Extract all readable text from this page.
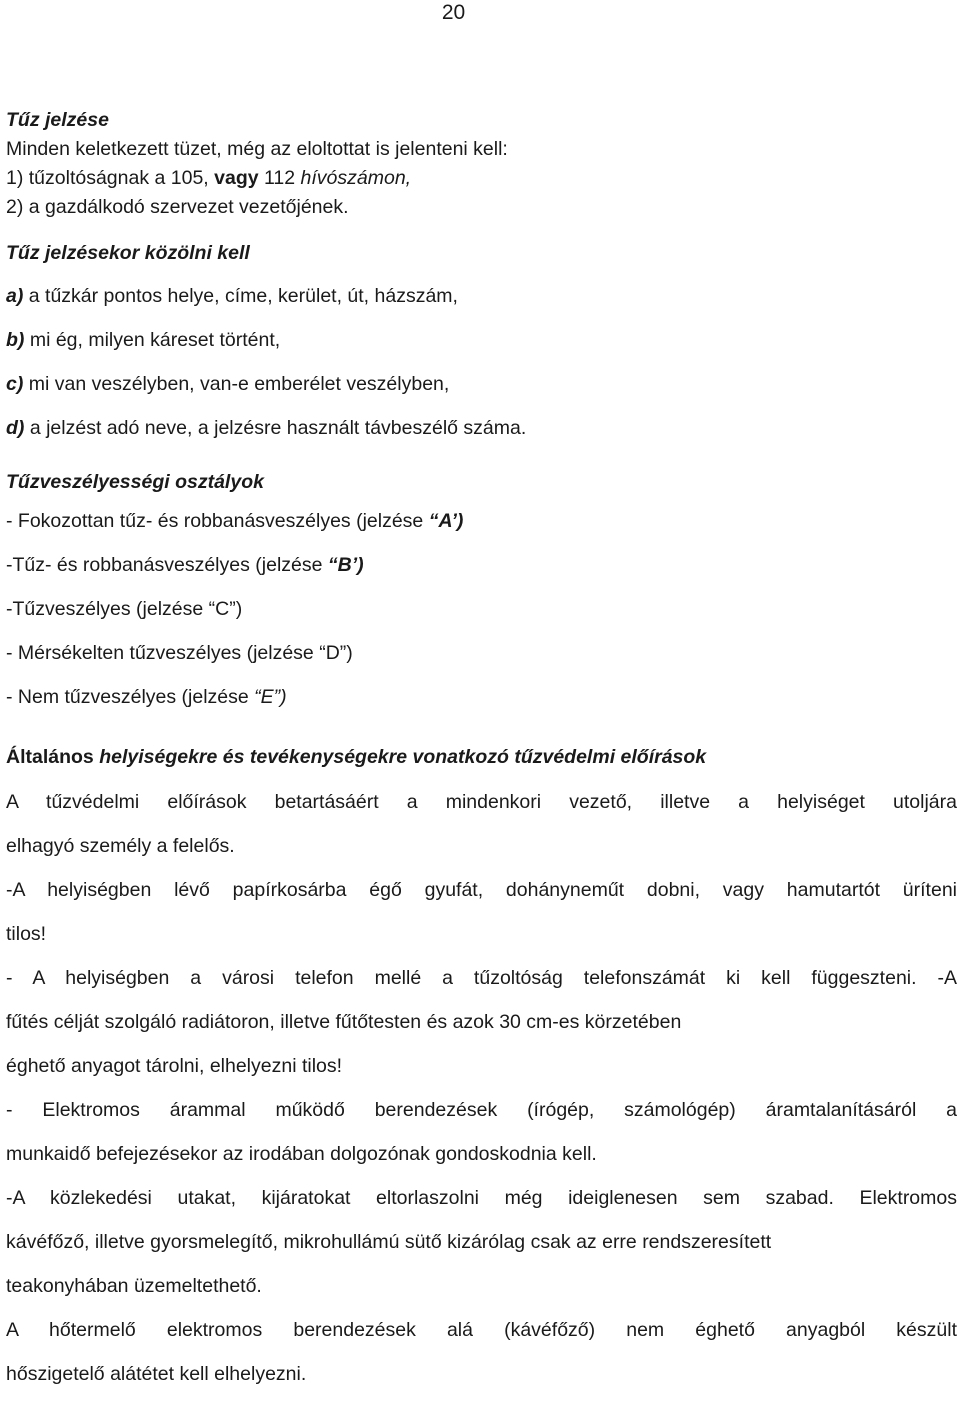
20
Tűz jelzése
Minden keletkezett tüzet, még az eloltottat is jelenteni kell:
1) tűzoltóságnak a 105, vagy 112 hívószámon,
2) a gazdálkodó szervezet vezetőjének.
Tűz jelzésekor közölni kell
a) a tűzkár pontos helye, címe, kerület, út, házszám,
b) mi ég, milyen káreset történt,
c) mi van veszélyben, van-e emberélet veszélyben,
d) a jelzést adó neve, a jelzésre használt távbeszélő száma.
Tűzveszélyességi osztályok
- Fokozottan tűz- és robbanásveszélyes (jelzése “A’)
-Tűz- és robbanásveszélyes (jelzése “B’)
-Tűzveszélyes (jelzése “C”)
- Mérsékelten tűzveszélyes (jelzése “D”)
- Nem tűzveszélyes (jelzése “E”)
Általános helyiségekre és tevékenységekre vonatkozó tűzvédelmi előírások
A tűzvédelmi előírások betartásáért a mindenkori vezető, illetve a helyiséget utoljára
elhagyó személy a felelős.
-A helyiségben lévő papírkosárba égő gyufát, dohányneműt dobni, vagy hamutartót üríteni
tilos!
- A helyiségben a városi telefon mellé a tűzoltóság telefonszámát ki kell függeszteni. -A
fűtés célját szolgáló radiátoron, illetve fűtőtesten és azok 30 cm-es körzetében
éghető anyagot tárolni, elhelyezni tilos!
- Elektromos árammal működő berendezések (írógép, számológép) áramtalanításáról a
munkaidő befejezésekor az irodában dolgozónak gondoskodnia kell.
-A közlekedési utakat, kijáratokat eltorlaszolni még ideiglenesen sem szabad. Elektromos
kávéfőző, illetve gyorsmelegítő, mikrohullámú sütő kizárólag csak az erre rendszeresített
teakonyhában üzemeltethető.
A hőtermelő elektromos berendezések alá (kávéfőző) nem éghető anyagból készült
hőszigetelő alátétet kell elhelyezni.
